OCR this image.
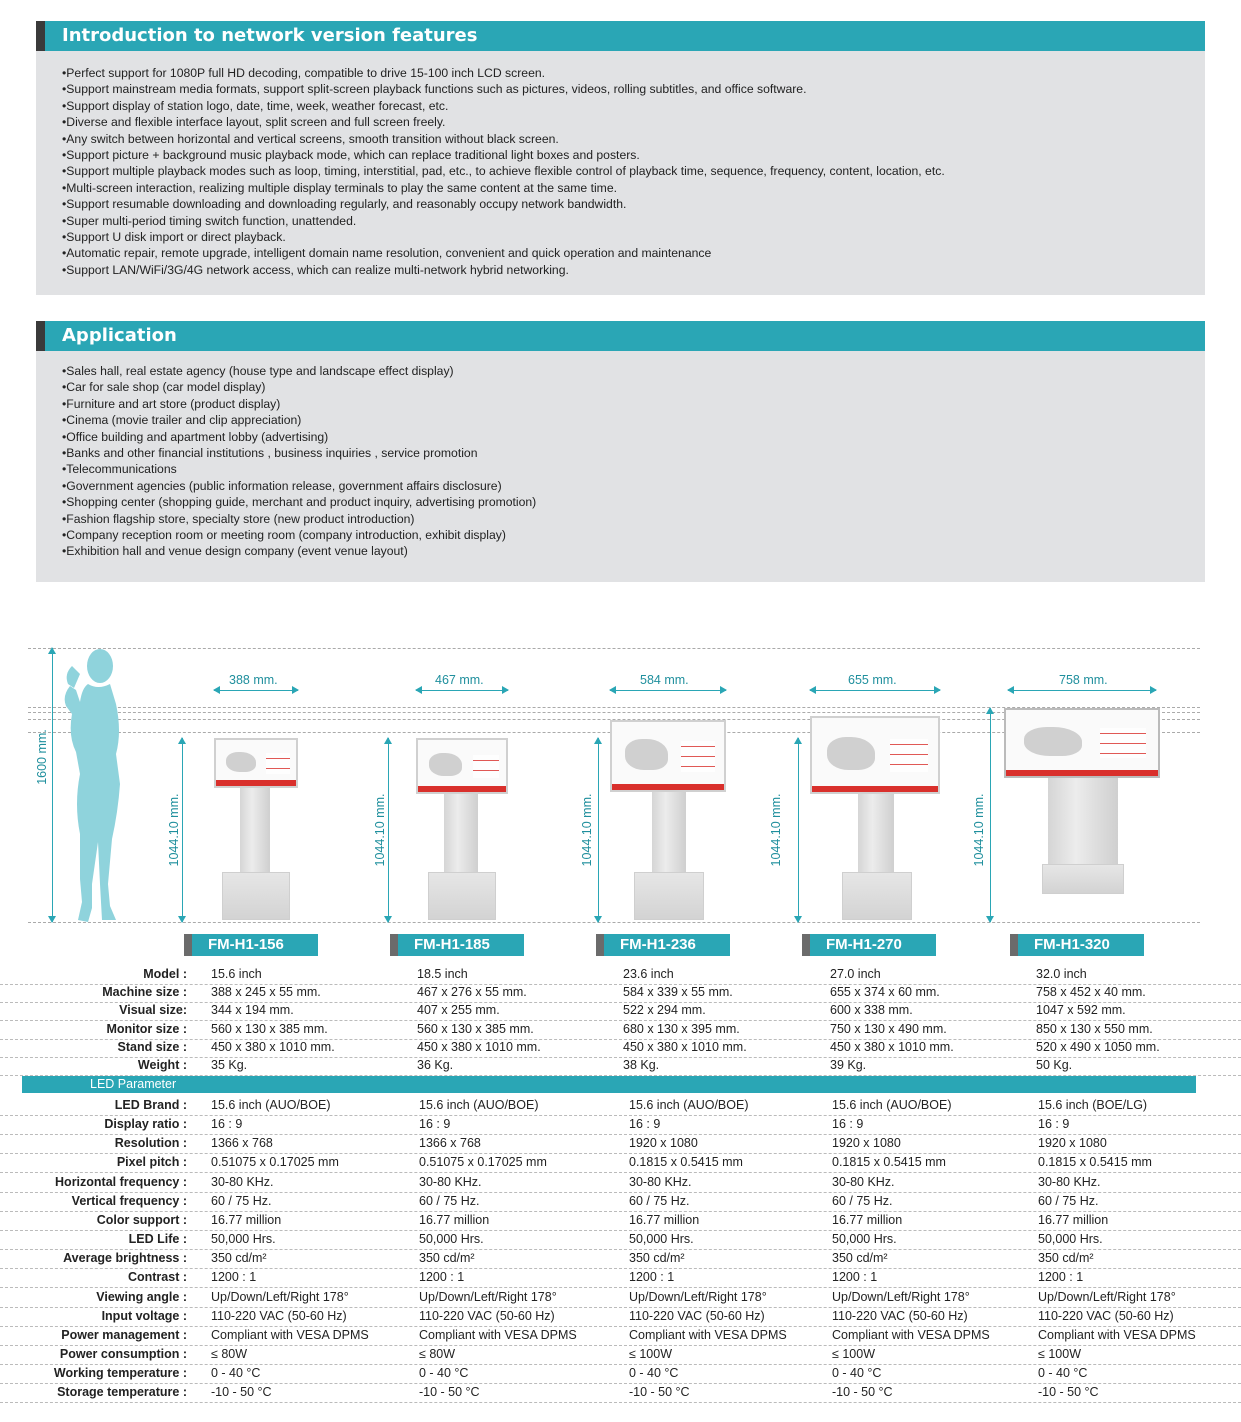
Introduction to network version features
• Perfect support for 1080P full HD decoding, compatible to drive 15-100 inch LCD screen.
• Support mainstream media formats, support split-screen playback functions such as pictures, videos, rolling subtitles, and office software.
• Support display of station logo, date, time, week, weather forecast, etc.
• Diverse and flexible interface layout, split screen and full screen freely.
• Any switch between horizontal and vertical screens, smooth transition without black screen.
• Support picture + background music playback mode, which can replace traditional light boxes and posters.
• Support multiple playback modes such as loop, timing, interstitial, pad, etc., to achieve flexible control of playback time, sequence, frequency, content, location, etc.
• Multi-screen interaction, realizing multiple display terminals to play the same content at the same time.
• Support resumable downloading and downloading regularly, and reasonably occupy network bandwidth.
• Super multi-period timing switch function, unattended.
• Support U disk import or direct playback.
• Automatic repair, remote upgrade, intelligent domain name resolution, convenient and quick operation and maintenance
• Support LAN/WiFi/3G/4G network access, which can realize multi-network hybrid networking.
Application
• Sales hall, real estate agency (house type and landscape effect display)
• Car for sale shop (car model display)
• Furniture and art store (product display)
• Cinema (movie trailer and clip appreciation)
• Office building and apartment lobby (advertising)
• Banks and other financial institutions , business inquiries , service promotion
• Telecommunications
• Government agencies (public information release, government affairs disclosure)
• Shopping center (shopping guide, merchant and product inquiry, advertising promotion)
• Fashion flagship store, specialty store (new product introduction)
• Company reception room or meeting room (company introduction, exhibit display)
• Exhibition hall and venue design company (event venue layout)
1600 mm.
388 mm.
1044.10 mm.
467 mm.
1044.10 mm.
584 mm.
1044.10 mm.
655 mm.
1044.10 mm.
758 mm.
1044.10 mm.
FM-H1-156	FM-H1-185	FM-H1-236	FM-H1-270	FM-H1-320
LED Parameter
Model : 15.6 inch	18.5 inch	23.6 inch	27.0 inch	32.0 inch
Machine size : 388 x 245 x 55 mm.	467 x 276 x 55 mm.	584 x 339 x 55 mm.	655 x 374 x 60 mm.	758 x 452 x 40 mm.
Visual size: 344 x 194 mm.	407 x 255 mm.	522 x 294 mm.	600 x 338 mm.	1047 x 592 mm.
Monitor size : 560 x 130 x 385 mm.	560 x 130 x 385 mm.	680 x 130 x 395 mm.	750 x 130 x 490 mm.	850 x 130 x 550 mm.
Stand size : 450 x 380 x 1010 mm.	450 x 380 x 1010 mm.	450 x 380 x 1010 mm.	450 x 380 x 1010 mm.	520 x 490 x 1050 mm.
Weight : 35 Kg.	36 Kg.	38 Kg.	39 Kg.	50 Kg.
LED Brand : 15.6 inch (AUO/BOE)	15.6 inch (AUO/BOE)	15.6 inch (AUO/BOE)	15.6 inch (AUO/BOE)	15.6 inch (BOE/LG)
Display ratio : 16 : 9	16 : 9	16 : 9	16 : 9	16 : 9
Resolution : 1366 x 768	1366 x 768	1920 x 1080	1920 x 1080	1920 x 1080
Pixel pitch : 0.51075 x 0.17025 mm	0.51075 x 0.17025 mm	0.1815 x 0.5415 mm	0.1815 x 0.5415 mm	0.1815 x 0.5415 mm
Horizontal frequency : 30-80 KHz.	30-80 KHz.	30-80 KHz.	30-80 KHz.	30-80 KHz.
Vertical frequency : 60 / 75 Hz.	60 / 75 Hz.	60 / 75 Hz.	60 / 75 Hz.	60 / 75 Hz.
Color support : 16.77 million	16.77 million	16.77 million	16.77 million	16.77 million
LED Life : 50,000 Hrs.	50,000 Hrs.	50,000 Hrs.	50,000 Hrs.	50,000 Hrs.
Average brightness : 350 cd/m²	350 cd/m²	350 cd/m²	350 cd/m²	350 cd/m²
Contrast : 1200 : 1	1200 : 1	1200 : 1	1200 : 1	1200 : 1
Viewing angle : Up/Down/Left/Right 178°	Up/Down/Left/Right 178°	Up/Down/Left/Right 178°	Up/Down/Left/Right 178°	Up/Down/Left/Right 178°
Input voltage : 110-220 VAC (50-60 Hz)	110-220 VAC (50-60 Hz)	110-220 VAC (50-60 Hz)	110-220 VAC (50-60 Hz)	110-220 VAC (50-60 Hz)
Power management : Compliant with VESA DPMS	Compliant with VESA DPMS	Compliant with VESA DPMS	Compliant with VESA DPMS	Compliant with VESA DPMS
Power consumption : ≤ 80W	≤ 80W	≤ 100W	≤ 100W	≤ 100W
Working temperature : 0 - 40 °C	0 - 40 °C	0 - 40 °C	0 - 40 °C	0 - 40 °C
Storage temperature : -10 - 50 °C	-10 - 50 °C	-10 - 50 °C	-10 - 50 °C	-10 - 50 °C
